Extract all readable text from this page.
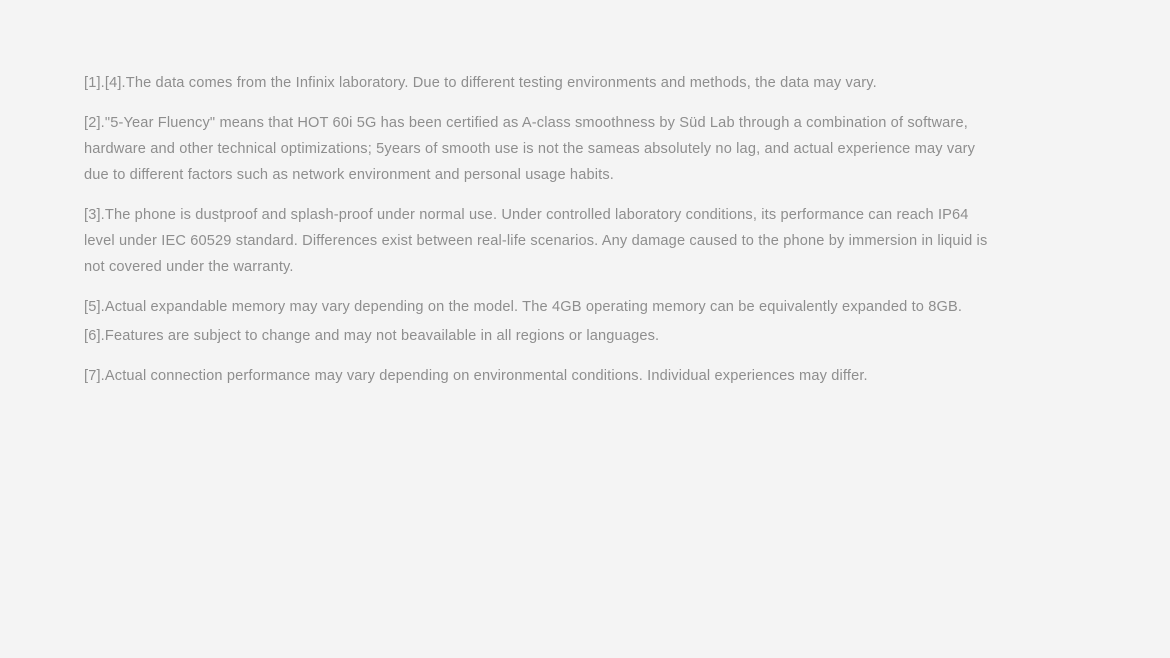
[1].[4].The data comes from the Infinix laboratory. Due to different testing environments and methods, the data may vary.

[2]."5-Year Fluency" means that HOT 60i 5G has been certified as A-class smoothness by Süd Lab through a combination of software, hardware and other technical optimizations; 5years of smooth use is not the sameas absolutely no lag, and actual experience may vary due to different factors such as network environment and personal usage habits.

[3].The phone is dustproof and splash-proof under normal use. Under controlled laboratory conditions, its performance can reach IP64 level under IEC 60529 standard. Differences exist between real-life scenarios. Any damage caused to the phone by immersion in liquid is not covered under the warranty.

[5].Actual expandable memory may vary depending on the model. The 4GB operating memory can be equivalently expanded to 8GB.

[6].Features are subject to change and may not beavailable in all regions or languages.

[7].Actual connection performance may vary depending on environmental conditions. Individual experiences may differ.
